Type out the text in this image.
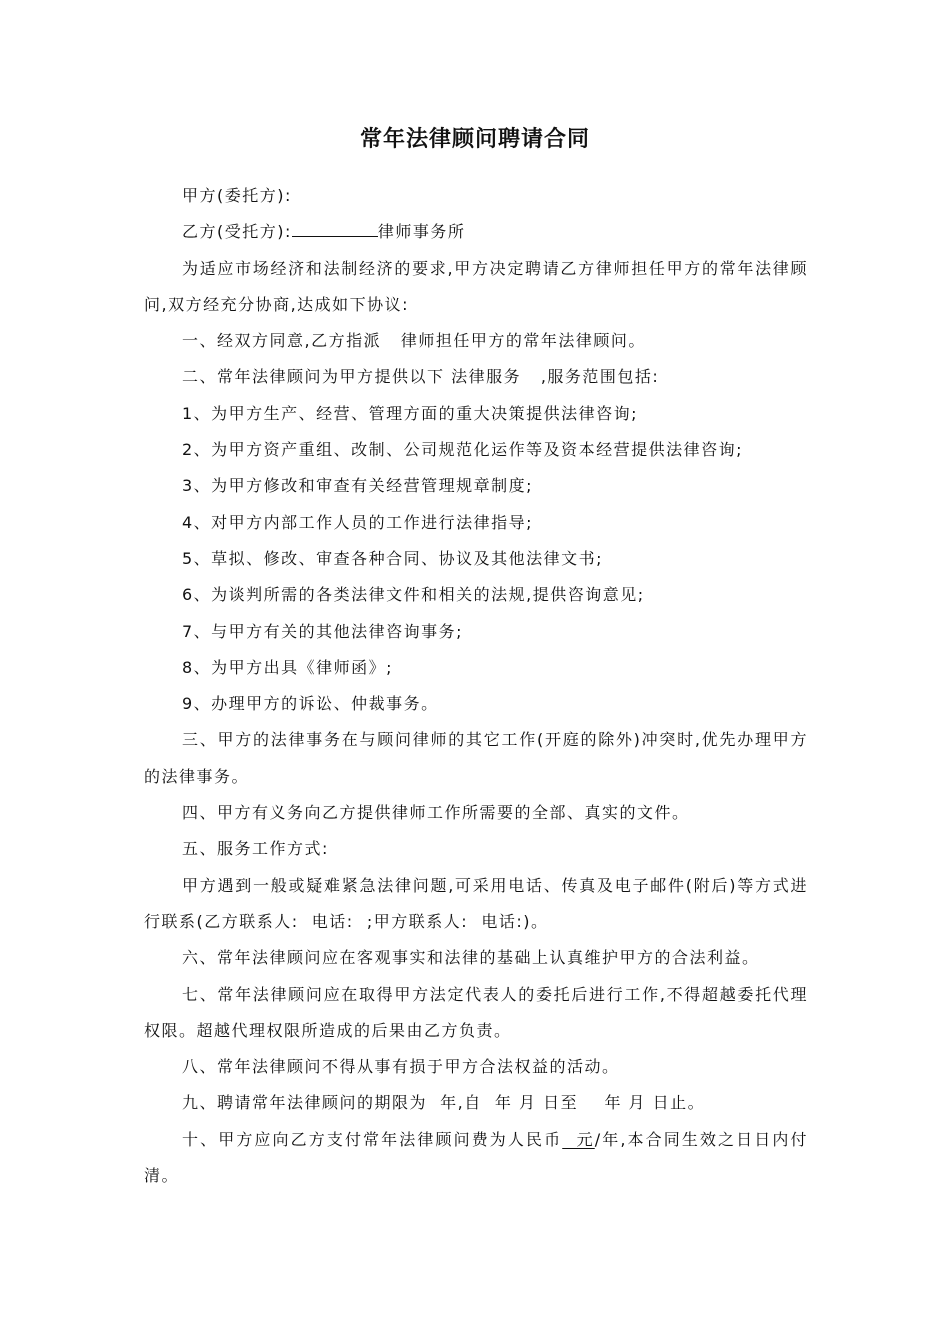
常年法律顾问聘请合同

甲方(委托方):

乙方(受托方):	律师事务所

为适应市场经济和法制经济的要求,甲方决定聘请乙方律师担任甲方的常年法律顾问,双方经充分协商,达成如下协议:

一、经双方同意,乙方指派   律师担任甲方的常年法律顾问。

二、常年法律顾问为甲方提供以下 法律服务   ,服务范围包括:

1、为甲方生产、经营、管理方面的重大决策提供法律咨询;

2、为甲方资产重组、改制、公司规范化运作等及资本经营提供法律咨询;

3、为甲方修改和审查有关经营管理规章制度;

4、对甲方内部工作人员的工作进行法律指导;

5、草拟、修改、审查各种合同、协议及其他法律文书;

6、为谈判所需的各类法律文件和相关的法规,提供咨询意见;

7、与甲方有关的其他法律咨询事务;

8、为甲方出具《律师函》;

9、办理甲方的诉讼、仲裁事务。

三、甲方的法律事务在与顾问律师的其它工作(开庭的除外)冲突时,优先办理甲方的法律事务。

四、甲方有义务向乙方提供律师工作所需要的全部、真实的文件。

五、服务工作方式:

甲方遇到一般或疑难紧急法律问题,可采用电话、传真及电子邮件(附后)等方式进行联系(乙方联系人:  电话:  ;甲方联系人:  电话:)。

六、常年法律顾问应在客观事实和法律的基础上认真维护甲方的合法利益。

七、常年法律顾问应在取得甲方法定代表人的委托后进行工作,不得超越委托代理权限。超越代理权限所造成的后果由乙方负责。

八、常年法律顾问不得从事有损于甲方合法权益的活动。

九、聘请常年法律顾问的期限为  年,自  年 月 日至    年 月 日止。

十、甲方应向乙方支付常年法律顾问费为人民币  元/年,本合同生效之日日内付清。
